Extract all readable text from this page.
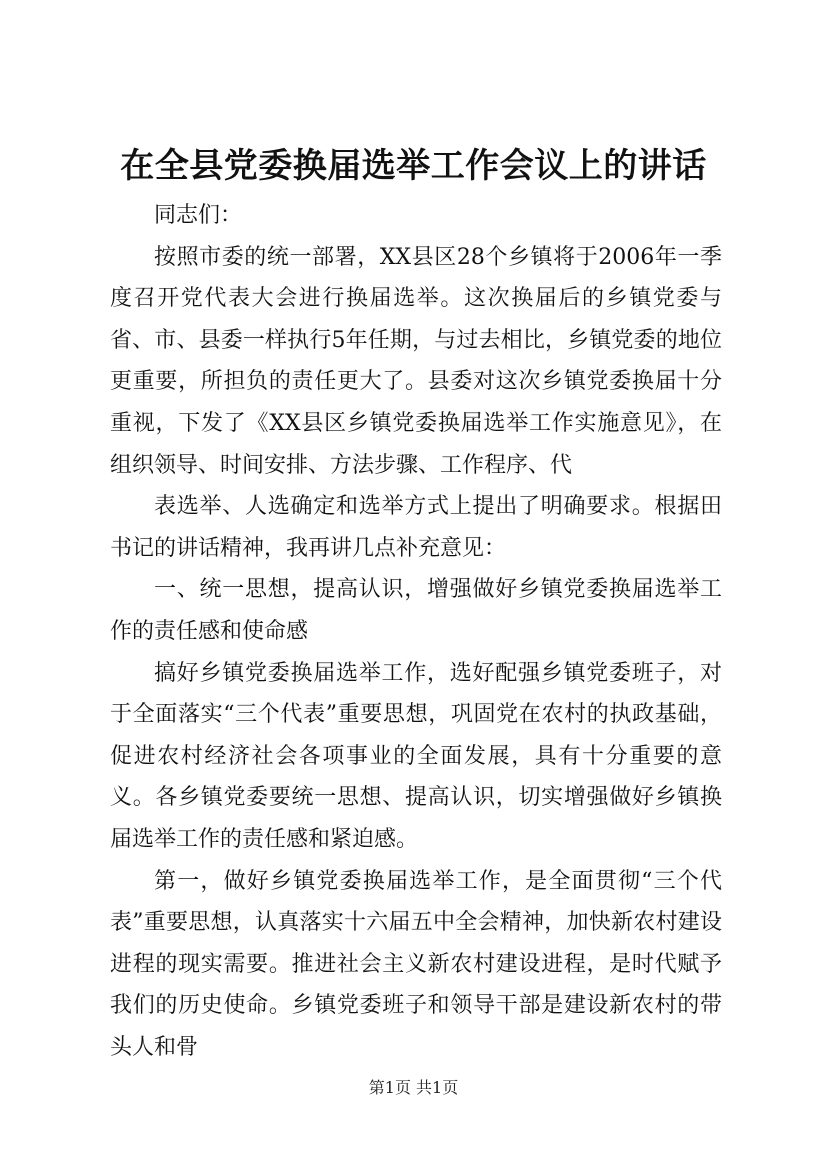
在全县党委换届选举工作会议上的讲话

同志们：

按照市委的统一部署，XX县区28个乡镇将于2006年一季度召开党代表大会进行换届选举。这次换届后的乡镇党委与省、市、县委一样执行5年任期，与过去相比，乡镇党委的地位更重要，所担负的责任更大了。县委对这次乡镇党委换届十分重视，下发了《XX县区乡镇党委换届选举工作实施意见》，在组织领导、时间安排、方法步骤、工作程序、代

表选举、人选确定和选举方式上提出了明确要求。根据田书记的讲话精神，我再讲几点补充意见：

一、统一思想，提高认识，增强做好乡镇党委换届选举工作的责任感和使命感

搞好乡镇党委换届选举工作，选好配强乡镇党委班子，对于全面落实“三个代表”重要思想，巩固党在农村的执政基础，促进农村经济社会各项事业的全面发展，具有十分重要的意义。各乡镇党委要统一思想、提高认识，切实增强做好乡镇换届选举工作的责任感和紧迫感。

第一，做好乡镇党委换届选举工作，是全面贯彻“三个代表”重要思想，认真落实十六届五中全会精神，加快新农村建设进程的现实需要。推进社会主义新农村建设进程，是时代赋予我们的历史使命。乡镇党委班子和领导干部是建设新农村的带头人和骨

第1页 共1页
